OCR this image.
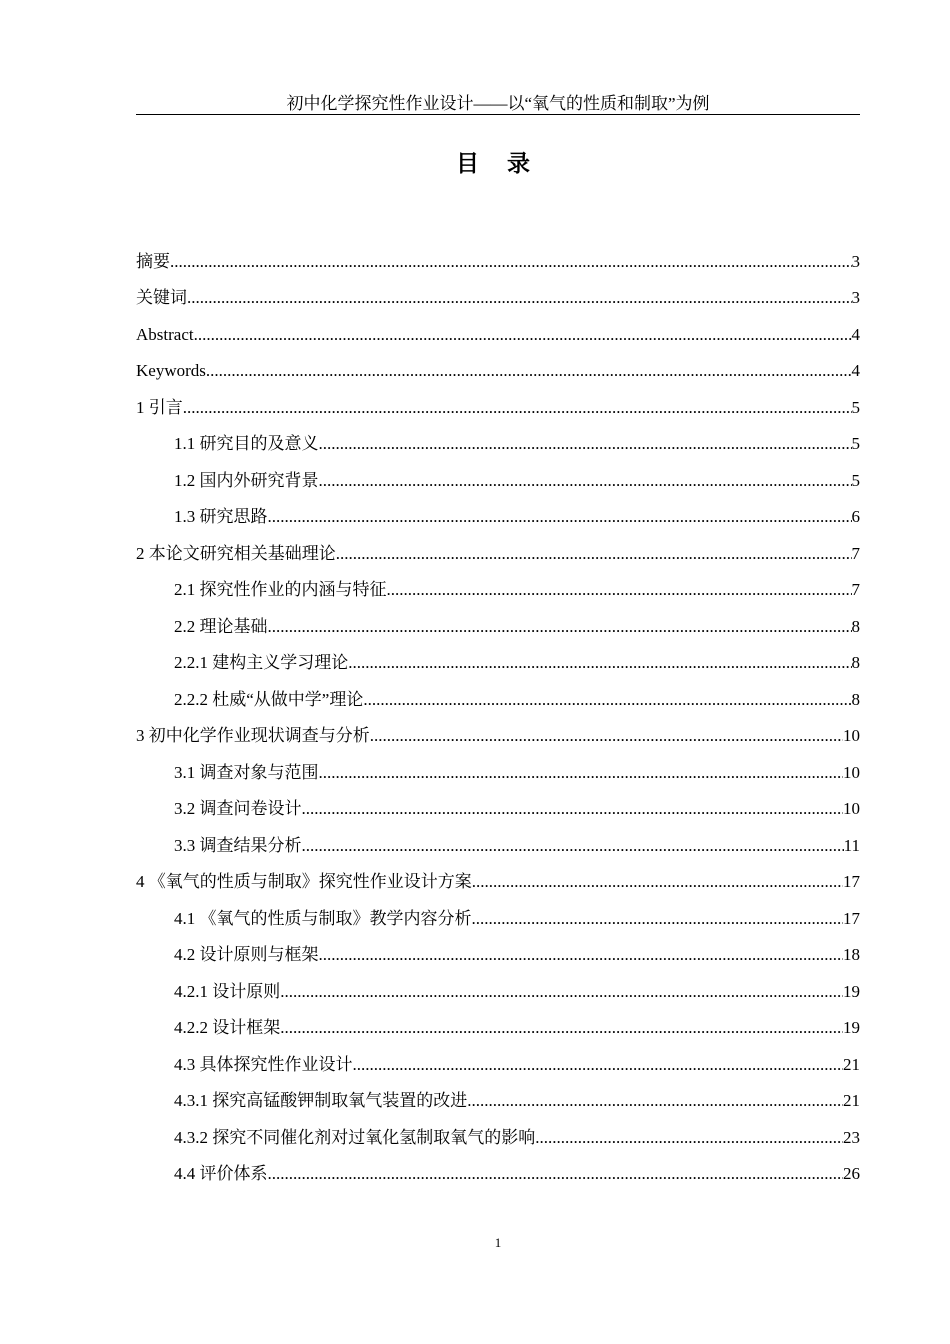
初中化学探究性作业设计——以“氧气的性质和制取”为例
目 录
摘要 .....	3
关键词 .....	3
Abstract .....	4
Keywords .....	4
1 引言 .....	5
1.1 研究目的及意义 .....	5
1.2 国内外研究背景 .....	5
1.3 研究思路 .....	6
2 本论文研究相关基础理论 .....	7
2.1 探究性作业的内涵与特征 .....	7
2.2 理论基础 .....	8
2.2.1 建构主义学习理论 .....	8
2.2.2 杜威“从做中学”理论 .....	8
3 初中化学作业现状调查与分析 .....	10
3.1 调查对象与范围 .....	10
3.2 调查问卷设计 .....	10
3.3 调查结果分析 .....	11
4 《氧气的性质与制取》探究性作业设计方案 .....	17
4.1 《氧气的性质与制取》教学内容分析 .....	17
4.2 设计原则与框架 .....	18
4.2.1 设计原则 .....	19
4.2.2 设计框架 .....	19
4.3 具体探究性作业设计 .....	21
4.3.1 探究高锰酸钾制取氧气装置的改进 .....	21
4.3.2 探究不同催化剂对过氧化氢制取氧气的影响 .....	23
4.4 评价体系 .....	26
1
